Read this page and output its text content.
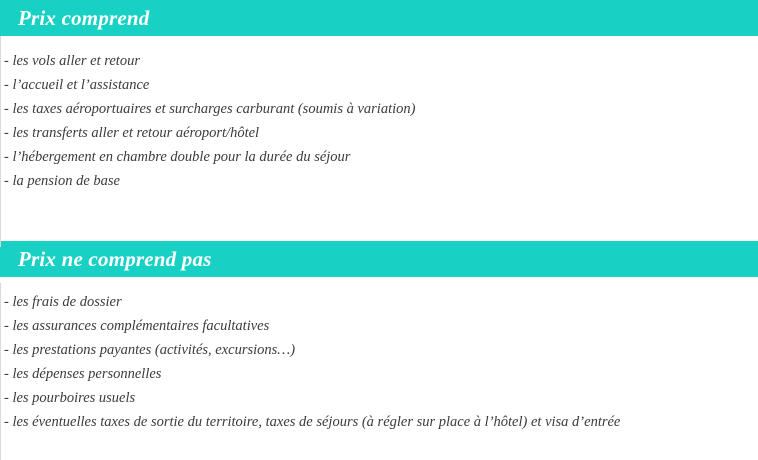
Prix comprend
- les vols aller et retour
- l’accueil et l’assistance
- les taxes aéroportuaires et surcharges carburant (soumis à variation)
- les transferts aller et retour aéroport/hôtel
- l’hébergement en chambre double pour la durée du séjour
- la pension de base
Prix ne comprend pas
- les frais de dossier
- les assurances complémentaires facultatives
- les prestations payantes (activités, excursions…)
- les dépenses personnelles
- les pourboires usuels
- les éventuelles taxes de sortie du territoire, taxes de séjours (à régler sur place à l’hôtel) et visa d’entrée
